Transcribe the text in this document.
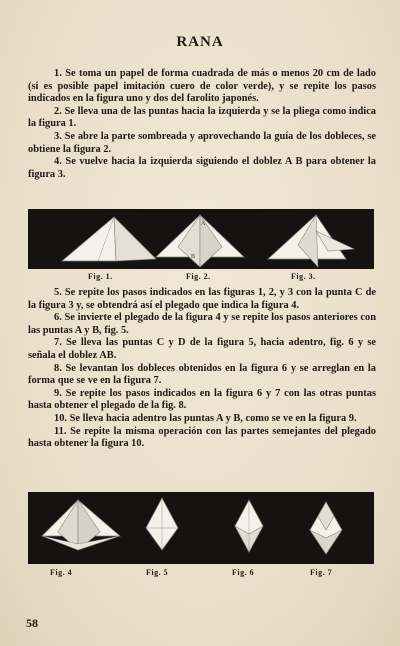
RANA

1. Se toma un papel de forma cuadrada de más o menos 20 cm de lado (si es posible papel imitación cuero de color verde), y se repite los pasos indicados en la figura uno y dos del farolito japonés.

2. Se lleva una de las puntas hacia la izquierda y se la pliega como indica la figura 1.

3. Se abre la parte sombreada y aprovechando la guía de los dobleces, se obtiene la figura 2.

4. Se vuelve hacia la izquierda siguiendo el doblez A B para obtener la figura 3.

A
B
Fig. 1.	Fig. 2.	Fig. 3.

5. Se repite los pasos indicados en las figuras 1, 2, y 3 con la punta C de la figura 3 y, se obtendrá así el plegado que indica la figura 4.

6. Se invierte el plegado de la figura 4 y se repite los pasos anteriores con las puntas A y B, fig. 5.

7. Se lleva las puntas C y D de la figura 5, hacia adentro, fig. 6 y se señala el doblez AB.

8. Se levantan los dobleces obtenidos en la figura 6 y se arreglan en la forma que se ve en la figura 7.

9. Se repite los pasos indicados en la figura 6 y 7 con las otras puntas hasta obtener el plegado de la fig. 8.

10. Se lleva hacia adentro las puntas A y B, como se ve en la figura 9.

11. Se repite la misma operación con las partes semejantes del plegado hasta obtener la figura 10.

Fig. 4	Fig. 5	Fig. 6	Fig. 7
58
